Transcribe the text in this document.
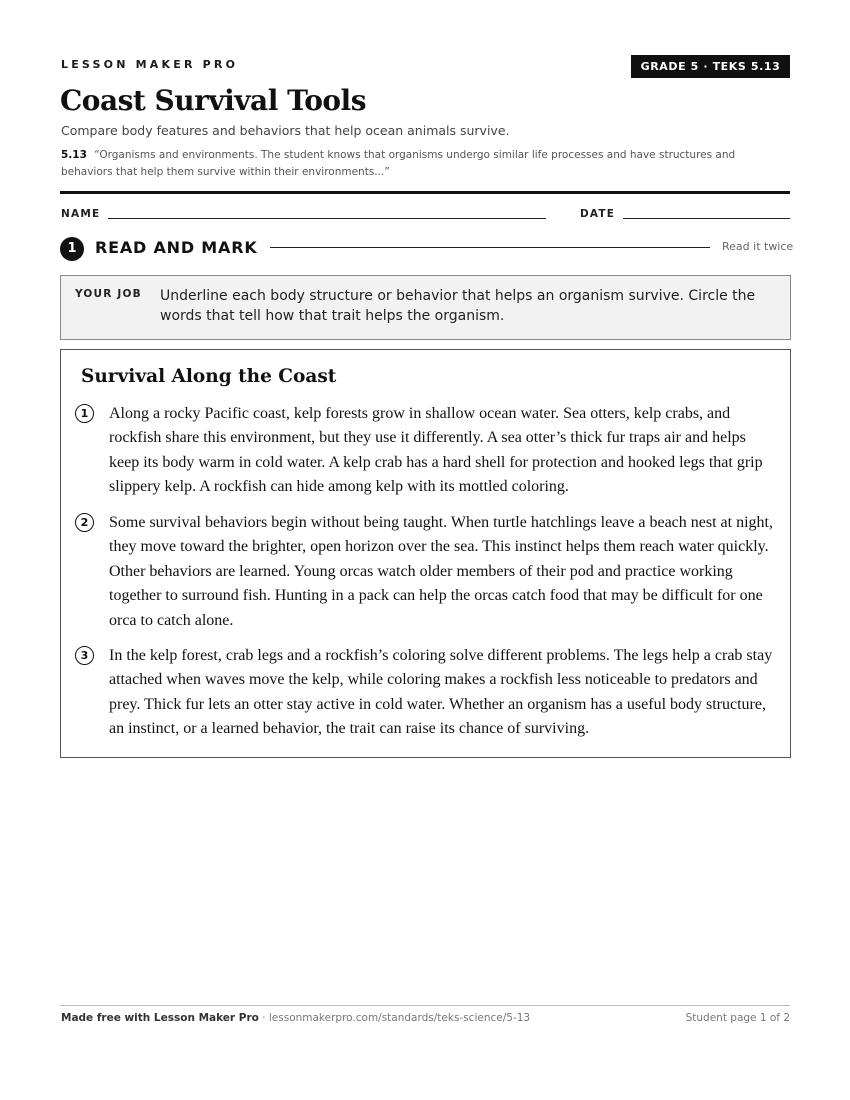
LESSON MAKER PRO	GRADE 5 · TEKS 5.13
Coast Survival Tools
Compare body features and behaviors that help ocean animals survive.
5.13 “Organisms and environments. The student knows that organisms undergo similar life processes and have structures and behaviors that help them survive within their environments...”
NAME	DATE
1	READ AND MARK	Read it twice
YOUR JOB Underline each body structure or behavior that helps an organism survive. Circle the words that tell how that trait helps the organism.
Survival Along the Coast
1	Along a rocky Pacific coast, kelp forests grow in shallow ocean water. Sea otters, kelp crabs, and rockfish share this environment, but they use it differently. A sea otter’s thick fur traps air and helps keep its body warm in cold water. A kelp crab has a hard shell for protection and hooked legs that grip slippery kelp. A rockfish can hide among kelp with its mottled coloring.
2	Some survival behaviors begin without being taught. When turtle hatchlings leave a beach nest at night, they move toward the brighter, open horizon over the sea. This instinct helps them reach water quickly. Other behaviors are learned. Young orcas watch older members of their pod and practice working together to surround fish. Hunting in a pack can help the orcas catch food that may be difficult for one orca to catch alone.
3	In the kelp forest, crab legs and a rockfish’s coloring solve different problems. The legs help a crab stay attached when waves move the kelp, while coloring makes a rockfish less noticeable to predators and prey. Thick fur lets an otter stay active in cold water. Whether an organism has a useful body structure, an instinct, or a learned behavior, the trait can raise its chance of surviving.
Made free with Lesson Maker Pro · lessonmakerpro.com/standards/teks-science/5-13	Student page 1 of 2
